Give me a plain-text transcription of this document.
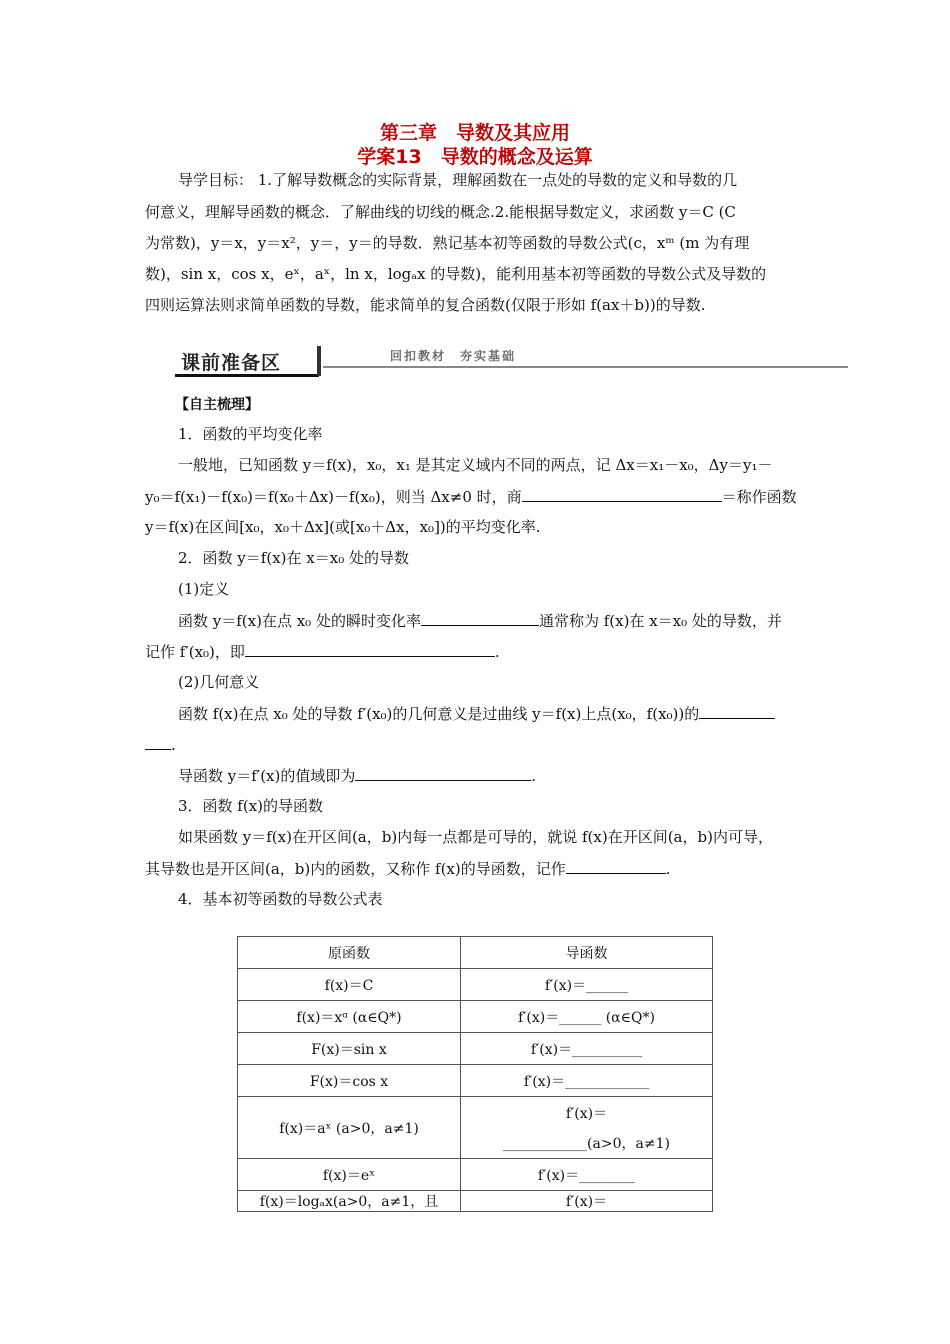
第三章　导数及其应用
学案13　导数的概念及运算
导学目标： 1.了解导数概念的实际背景，理解函数在一点处的导数的定义和导数的几
何意义，理解导函数的概念．了解曲线的切线的概念.2.能根据导数定义，求函数 y＝C (C
为常数)，y＝x，y＝x²，y＝，y＝的导数．熟记基本初等函数的导数公式(c，xᵐ (m 为有理
数)，sin x，cos x，eˣ，aˣ，ln x，logₐx 的导数)，能利用基本初等函数的导数公式及导数的
四则运算法则求简单函数的导数，能求简单的复合函数(仅限于形如 f(ax＋b))的导数.
课前准备区	回扣教材　夯实基础
【自主梳理】
1．函数的平均变化率
一般地，已知函数 y＝f(x)，x₀，x₁ 是其定义域内不同的两点，记 Δx＝x₁－x₀，Δy＝y₁－
y₀＝f(x₁)－f(x₀)＝f(x₀＋Δx)－f(x₀)，则当 Δx≠0 时，商	＝称作函数
y＝f(x)在区间[x₀，x₀＋Δx](或[x₀＋Δx，x₀])的平均变化率.
2．函数 y＝f(x)在 x＝x₀ 处的导数
(1)定义
函数 y＝f(x)在点 x₀ 处的瞬时变化率	通常称为 f(x)在 x＝x₀ 处的导数，并
记作 f′(x₀)，即	.
(2)几何意义
函数 f(x)在点 x₀ 处的导数 f′(x₀)的几何意义是过曲线 y＝f(x)上点(x₀，f(x₀))的
.
导函数 y＝f′(x)的值域即为	.
3．函数 f(x)的导函数
如果函数 y＝f(x)在开区间(a，b)内每一点都是可导的，就说 f(x)在开区间(a，b)内可导，
其导数也是开区间(a，b)内的函数，又称作 f(x)的导函数，记作	.
4．基本初等函数的导数公式表
原函数	导函数
f(x)＝C	f′(x)＝______
f(x)＝xᵅ (α∈Q*)	f′(x)＝______ (α∈Q*)
F(x)＝sin x	f′(x)＝__________
F(x)＝cos x	f′(x)＝____________
f(x)＝aˣ (a>0，a≠1)	f′(x)＝
____________(a>0，a≠1)

f(x)＝eˣ	f′(x)＝________
f(x)＝logₐx(a>0，a≠1，且	f′(x)＝
